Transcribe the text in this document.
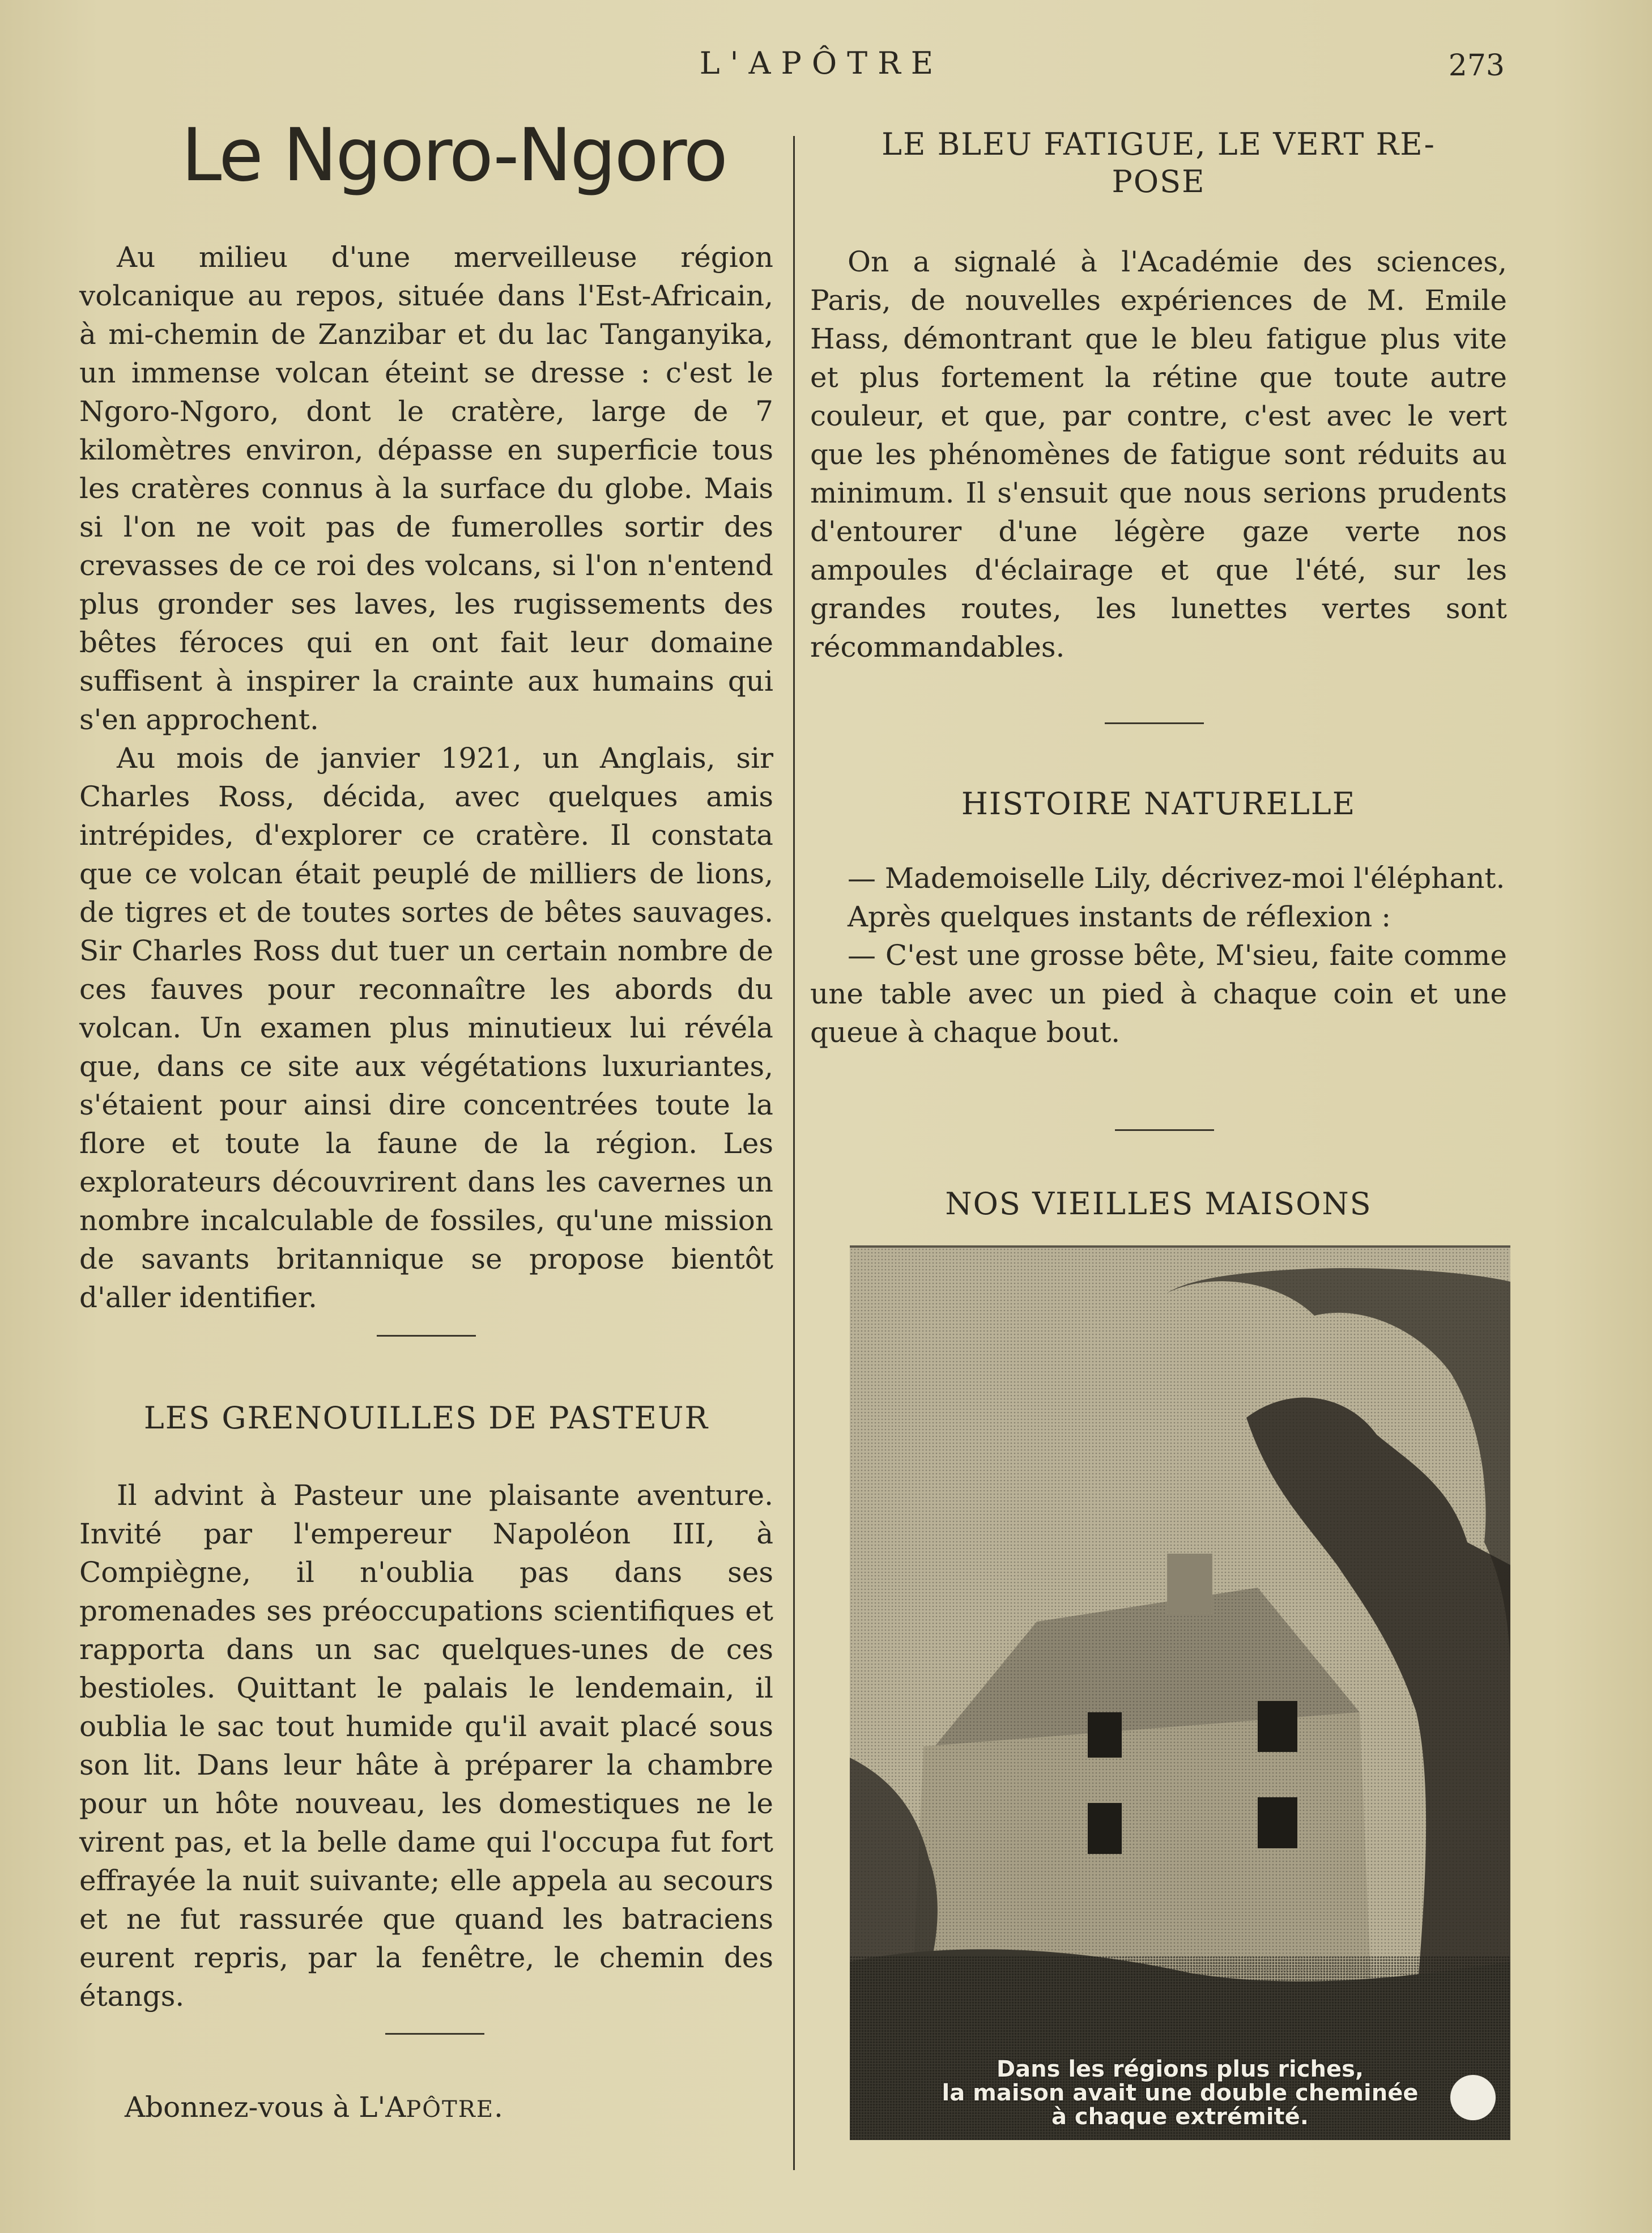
L'APÔTRE	273
Le Ngoro-Ngoro

Au milieu d'une merveilleuse région volcanique au repos, située dans l'Est-Africain, à mi-chemin de Zanzibar et du lac Tanganyika, un immense volcan éteint se dresse : c'est le Ngoro-Ngoro, dont le cratère, large de 7 kilomètres environ, dépasse en superficie tous les cratères connus à la surface du globe. Mais si l'on ne voit pas de fumerolles sortir des crevasses de ce roi des volcans, si l'on n'entend plus gronder ses laves, les rugissements des bêtes féroces qui en ont fait leur domaine suffisent à inspirer la crainte aux humains qui s'en approchent.

Au mois de janvier 1921, un Anglais, sir Charles Ross, décida, avec quelques amis intrépides, d'explorer ce cratère. Il constata que ce volcan était peuplé de milliers de lions, de tigres et de toutes sortes de bêtes sauvages. Sir Charles Ross dut tuer un certain nombre de ces fauves pour reconnaître les abords du volcan. Un examen plus minutieux lui révéla que, dans ce site aux végétations luxuriantes, s'étaient pour ainsi dire concentrées toute la flore et toute la faune de la région. Les explorateurs découvrirent dans les cavernes un nombre incalculable de fossiles, qu'une mission de savants britannique se propose bientôt d'aller identifier.

LES GRENOUILLES DE PASTEUR

Il advint à Pasteur une plaisante aventure. Invité par l'empereur Napoléon III, à Compiègne, il n'oublia pas dans ses promenades ses préoccupations scientifiques et rapporta dans un sac quelques-unes de ces bestioles. Quittant le palais le lendemain, il oublia le sac tout humide qu'il avait placé sous son lit. Dans leur hâte à préparer la chambre pour un hôte nouveau, les domestiques ne le virent pas, et la belle dame qui l'occupa fut fort effrayée la nuit suivante; elle appela au secours et ne fut rassurée que quand les batraciens eurent repris, par la fenêtre, le chemin des étangs.

Abonnez-vous à L'APÔTRE.
LE BLEU FATIGUE, LE VERT RE-
POSE

On a signalé à l'Académie des sciences, Paris, de nouvelles expériences de M. Emile Hass, démontrant que le bleu fatigue plus vite et plus fortement la rétine que toute autre couleur, et que, par contre, c'est avec le vert que les phénomènes de fatigue sont réduits au minimum. Il s'ensuit que nous serions prudents d'entourer d'une légère gaze verte nos ampoules d'éclairage et que l'été, sur les grandes routes, les lunettes vertes sont récommandables.

HISTOIRE NATURELLE

— Mademoiselle Lily, décrivez-moi l'éléphant.

Après quelques instants de réflexion :

— C'est une grosse bête, M'sieu, faite comme une table avec un pied à chaque coin et une queue à chaque bout.

NOS VIEILLES MAISONS
Dans les régions plus riches,
la maison avait une double cheminée
à chaque extrémité.
